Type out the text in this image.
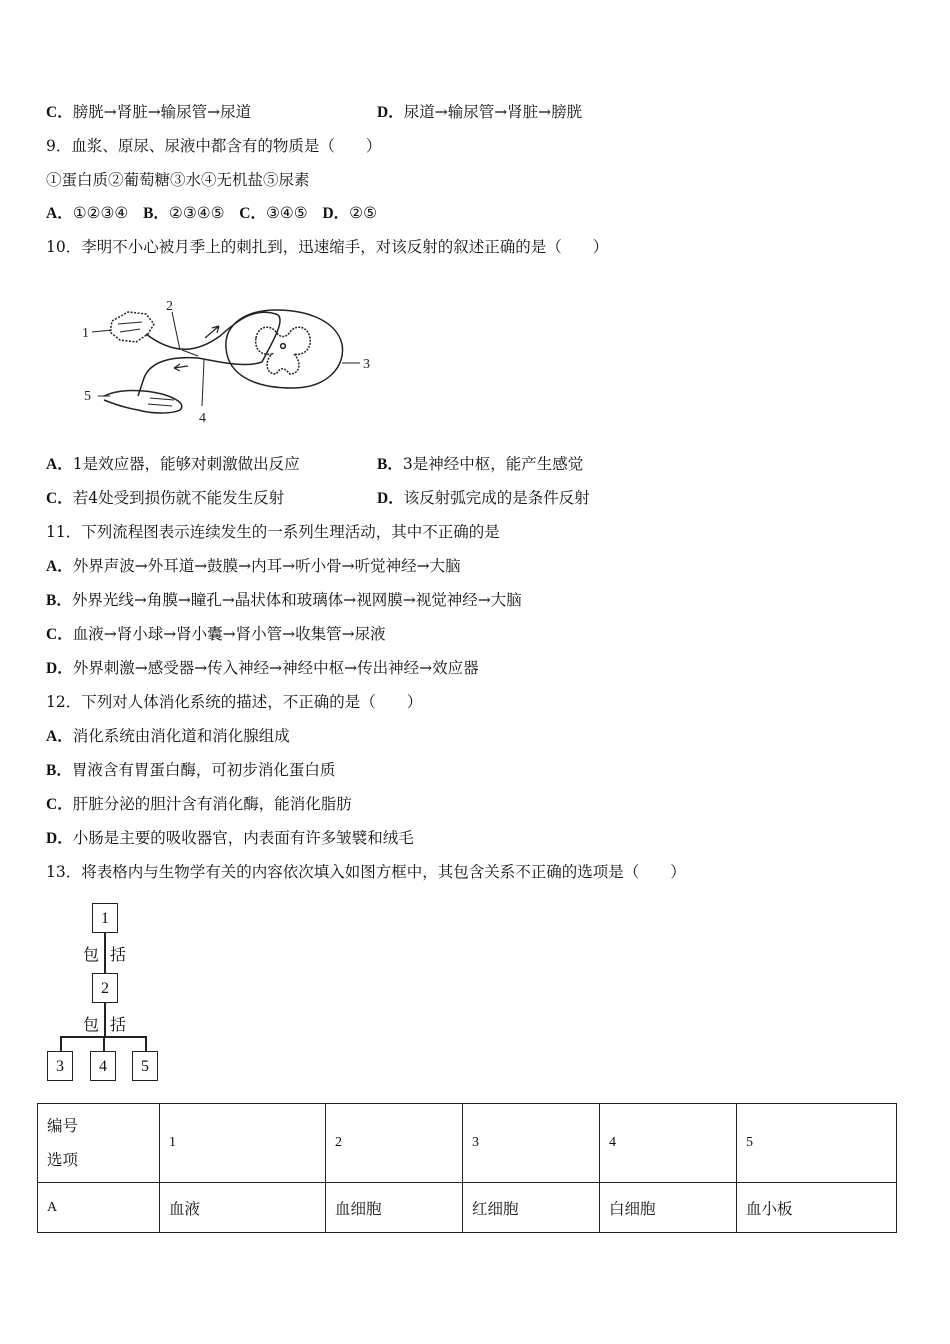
C．膀胱→肾脏→输尿管→尿道	D．尿道→输尿管→肾脏→膀胱
9．血浆、原尿、尿液中都含有的物质是（　　）
①蛋白质②葡萄糖③水④无机盐⑤尿素
A．①②③④ B．②③④⑤ C．③④⑤ D．②⑤
10．李明不小心被月季上的刺扎到，迅速缩手，对该反射的叙述正确的是（　　）
1
2
3
4
5
A．1是效应器，能够对刺激做出反应	B．3是神经中枢，能产生感觉
C．若4处受到损伤就不能发生反射	D．该反射弧完成的是条件反射
11．下列流程图表示连续发生的一系列生理活动，其中不正确的是
A．外界声波→外耳道→鼓膜→内耳→听小骨→听觉神经→大脑
B．外界光线→角膜→瞳孔→晶状体和玻璃体→视网膜→视觉神经→大脑
C．血液→肾小球→肾小囊→肾小管→收集管→尿液
D．外界刺激→感受器→传入神经→神经中枢→传出神经→效应器
12．下列对人体消化系统的描述，不正确的是（　　）
A．消化系统由消化道和消化腺组成
B．胃液含有胃蛋白酶，可初步消化蛋白质
C．肝脏分泌的胆汁含有消化酶，能消化脂肪
D．小肠是主要的吸收器官，内表面有许多皱襞和绒毛
13．将表格内与生物学有关的内容依次填入如图方框中，其包含关系不正确的选项是（　　）
1
包 括
2
包 括
3	4	5
编号
选项	1	2	3	4	5
A	血液	血细胞	红细胞	白细胞	血小板
